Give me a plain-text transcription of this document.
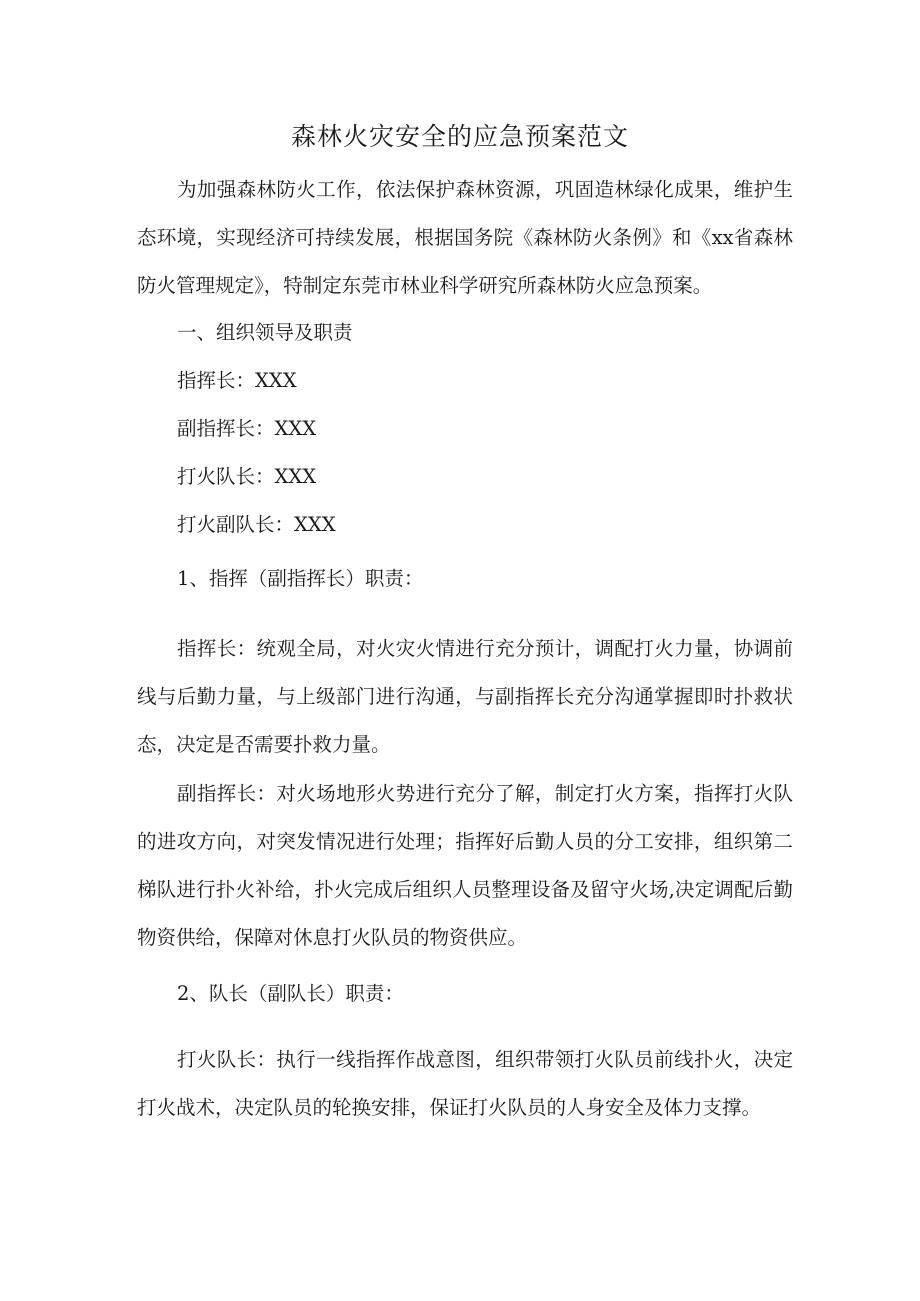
森林火灾安全的应急预案范文

为加强森林防火工作，依法保护森林资源，巩固造林绿化成果，维护生态环境，实现经济可持续发展，根据国务院《森林防火条例》和《xx省森林防火管理规定》，特制定东莞市林业科学研究所森林防火应急预案。

一、组织领导及职责

指挥长：XXX

副指挥长：XXX

打火队长：XXX

打火副队长：XXX

1、指挥（副指挥长）职责：

指挥长：统观全局，对火灾火情进行充分预计，调配打火力量，协调前线与后勤力量，与上级部门进行沟通，与副指挥长充分沟通掌握即时扑救状态，决定是否需要扑救力量。

副指挥长：对火场地形火势进行充分了解，制定打火方案，指挥打火队的进攻方向，对突发情况进行处理；指挥好后勤人员的分工安排，组织第二梯队进行扑火补给，扑火完成后组织人员整理设备及留守火场,决定调配后勤物资供给，保障对休息打火队员的物资供应。

2、队长（副队长）职责：

打火队长：执行一线指挥作战意图，组织带领打火队员前线扑火，决定打火战术，决定队员的轮换安排，保证打火队员的人身安全及体力支撑。
